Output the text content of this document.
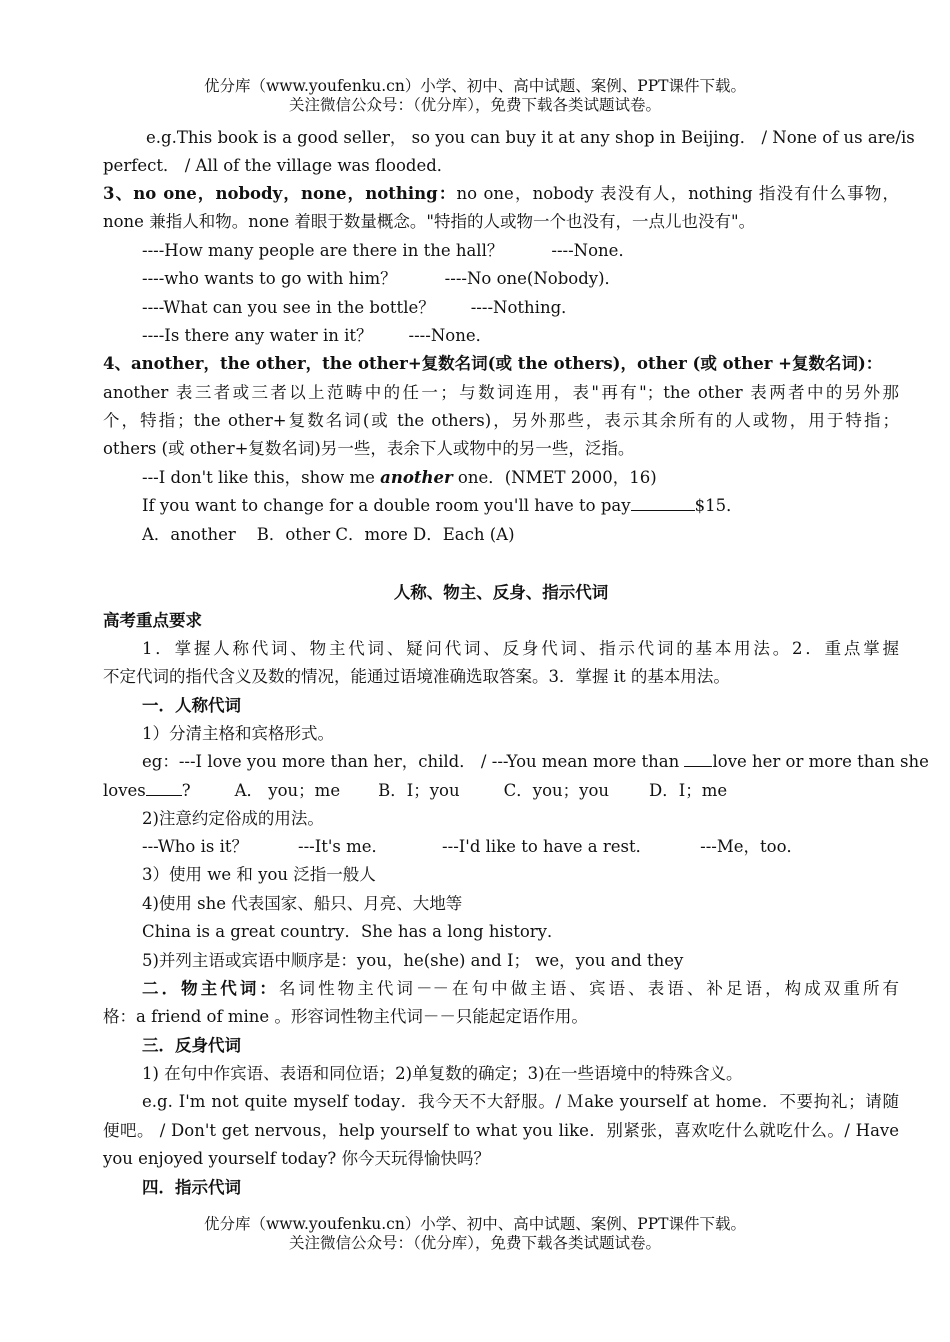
优分库（www.youfenku.cn）小学、初中、高中试题、案例、PPT课件下载。
关注微信公众号：（优分库），免费下载各类试题试卷。
e.g.This book is a good seller， so you can buy it at any shop in Beijing． / None of us are/is
perfect． / All of the village was flooded．
3、no one，nobody，none，nothing：no one，nobody 表没有人，nothing 指没有什么事物，
none 兼指人和物。none 着眼于数量概念。"特指的人或物一个也没有，一点儿也没有"。
----How many people are there in the hall？	----None．
----who wants to go with him？	----No one(Nobody)．
----What can you see in the bottle？ ----Nothing．
----Is there any water in it？ ----None．
4、another，the other，the other+复数名词(或 the others)，other (或 other +复数名词)：
another 表三者或三者以上范畴中的任一；与数词连用，表"再有"；the other 表两者中的另外那
个，特指；the other+复数名词(或 the others)，另外那些，表示其余所有的人或物，用于特指；
others (或 other+复数名词)另一些，表余下人或物中的另一些，泛指。
---I don't like this，show me another one．(NMET 2000，16)
If you want to change for a double room you'll have to pay	$15．
A．another    B．other C．more D．Each (A)
人称、物主、反身、指示代词
高考重点要求
1．掌握人称代词、物主代词、疑问代词、反身代词、指示代词的基本用法。2．重点掌握
不定代词的指代含义及数的情况，能通过语境准确选取答案。3．掌握 it 的基本用法。
一．人称代词
1）分清主格和宾格形式。
eg：---I love you more than her，child． / ---You mean more than love her or more than she
loves ?	A． you；me B．I；you	C．you；you D．I；me
2)注意约定俗成的用法。
---Who is it？	---It's me．	---I'd like to have a rest．	---Me，too．
3）使用 we 和 you 泛指一般人
4)使用 she 代表国家、船只、月亮、大地等
China is a great country．She has a long history．
5)并列主语或宾语中顺序是：you，he(she) and I； we，you and they
二．物主代词：名词性物主代词－－在句中做主语、宾语、表语、补足语，构成双重所有
格：a friend of mine 。形容词性物主代词－－只能起定语作用。
三．反身代词
1) 在句中作宾语、表语和同位语；2)单复数的确定；3)在一些语境中的特殊含义。
e.g. I'm not quite myself today．我今天不大舒服。/ Ｍake yourself at home．不要拘礼；请随
便吧。 / Don't get nervous，help yourself to what you like．别紧张，喜欢吃什么就吃什么。/ Have
you enjoyed yourself today? 你今天玩得愉快吗？
四．指示代词
优分库（www.youfenku.cn）小学、初中、高中试题、案例、PPT课件下载。
关注微信公众号：（优分库），免费下载各类试题试卷。
